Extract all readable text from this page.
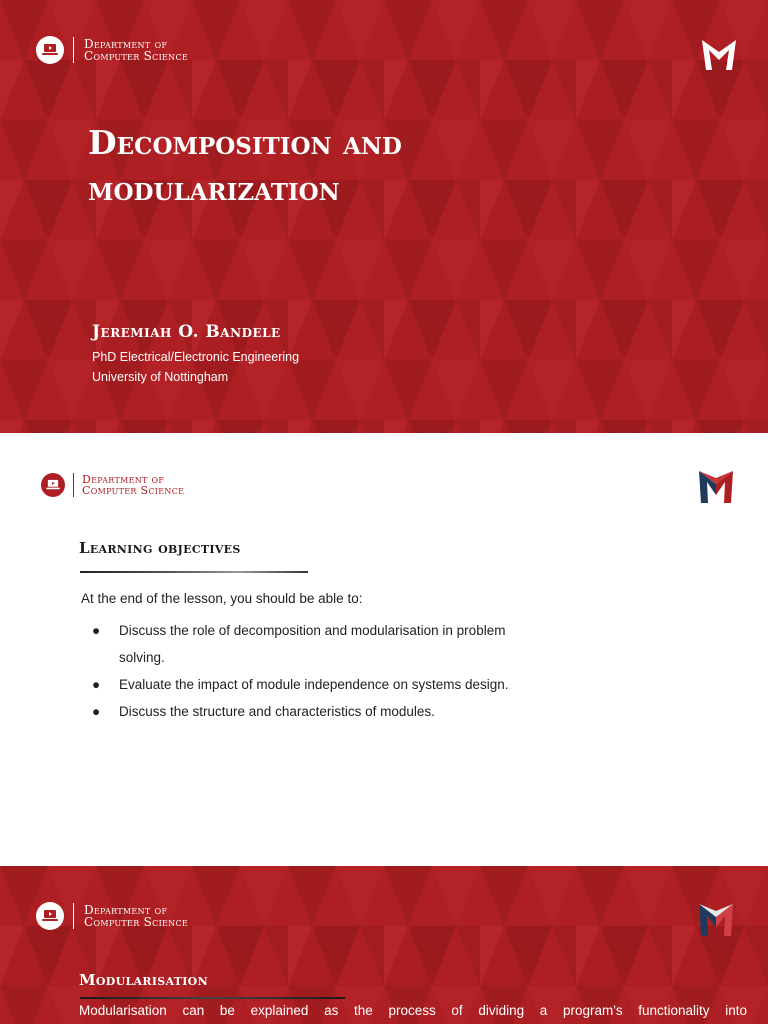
Department of
Computer Science
Decomposition and
modularization
Jeremiah O. Bandele
PhD Electrical/Electronic Engineering
University of Nottingham
Department of
Computer Science
Learning objectives
At the end of the lesson, you should be able to:
● Discuss the role of decomposition and modularisation in problem solving.
● Evaluate the impact of module independence on systems design.
● Discuss the structure and characteristics of modules.
Department of
Computer Science
Modularisation
Modularisation can be explained as the process of dividing a program's functionality into
